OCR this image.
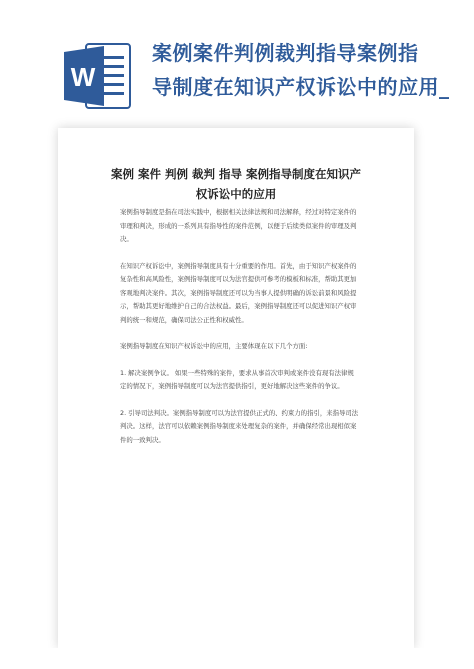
W
案例案件判例裁判指导案例指
导制度在知识产权诉讼中的应用_
案例 案件 判例 裁判 指导 案例指导制度在知识产
权诉讼中的应用

案例指导制度是指在司法实践中，根据相关法律法规和司法解释，经过对特定案件的审理和判决，形成的一系列具有指导性的案件范例，以便于后续类似案件的审理及判决。

在知识产权诉讼中，案例指导制度具有十分重要的作用。首先，由于知识产权案件的复杂性和高风险性，案例指导制度可以为法官提供可参考的模板和标准，帮助其更加客观地判决案件。其次，案例指导制度还可以为当事人提供明确的诉讼前景和风险提示，帮助其更好地维护自己的合法权益。最后，案例指导制度还可以促进知识产权审判的统一和规范，确保司法公正性和权威性。

案例指导制度在知识产权诉讼中的应用，主要体现在以下几个方面:

1. 解决案例争议。 如果一些特殊的案件，要求从事首次审判或案件没有现有法律规定的情况下，案例指导制度可以为法官提供指引，更好地解决这些案件的争议。

2. 引导司法判决。案例指导制度可以为法官提供正式的、约束力的指引，来指导司法判决。这样，法官可以依赖案例指导制度来处理复杂的案件，并确保经常出现相似案件的一致判决。
